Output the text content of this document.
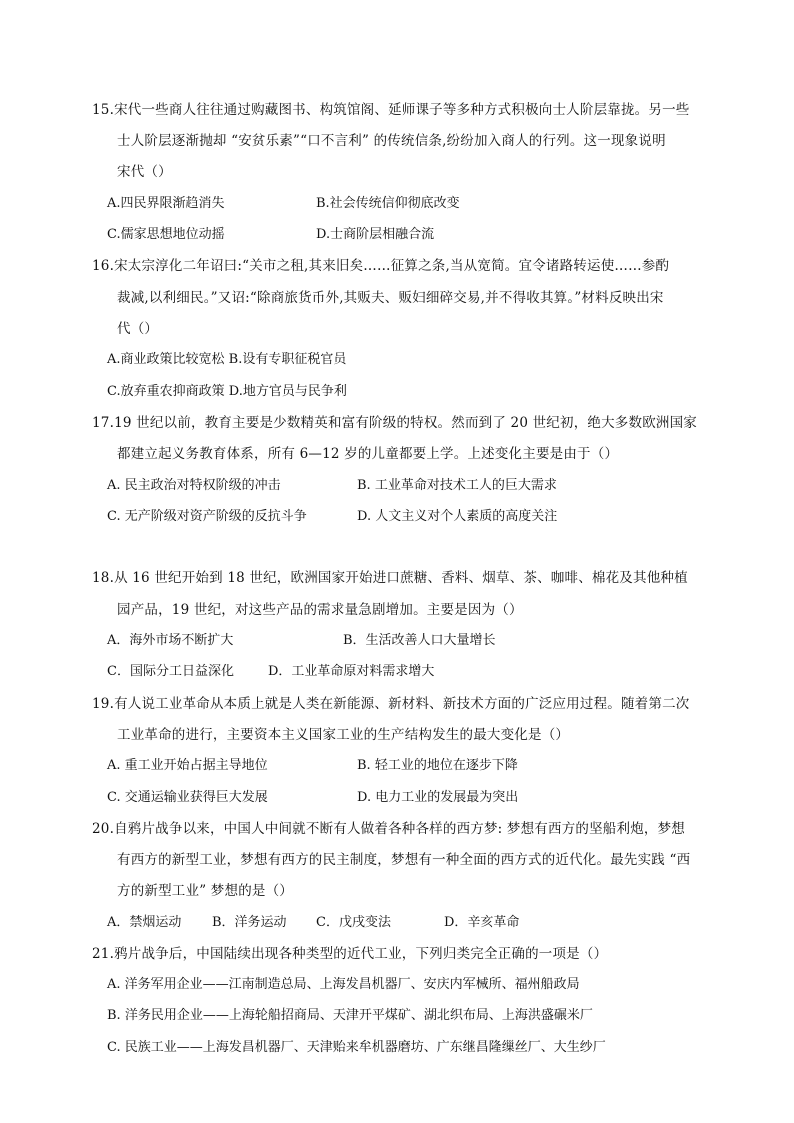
15.宋代一些商人往往通过购藏图书、构筑馆阁、延师课子等多种方式积极向士人阶层靠拢。另一些
士人阶层逐渐抛却 “安贫乐素”“口不言利” 的传统信条,纷纷加入商人的行列。这一现象说明
宋代（）
A.四民界限渐趋消失	B.社会传统信仰彻底改变
C.儒家思想地位动摇	D.士商阶层相融合流
16.宋太宗淳化二年诏曰:“关市之租,其来旧矣……征算之条,当从宽简。宜令诸路转运使……参酌
裁减,以利细民。”又诏:“除商旅货币外,其贩夫、贩妇细碎交易,并不得收其算。”材料反映出宋
代（）
A.商业政策比较宽松 B.设有专职征税官员
C.放弃重农抑商政策 D.地方官员与民争利
17.19 世纪以前，教育主要是少数精英和富有阶级的特权。然而到了 20 世纪初，绝大多数欧洲国家
都建立起义务教育体系，所有 6—12 岁的儿童都要上学。上述变化主要是由于（）
A. 民主政治对特权阶级的冲击	B. 工业革命对技术工人的巨大需求
C. 无产阶级对资产阶级的反抗斗争	D. 人文主义对个人素质的高度关注
18.从 16 世纪开始到 18 世纪，欧洲国家开始进口蔗糖、香料、烟草、茶、咖啡、棉花及其他种植
园产品，19 世纪，对这些产品的需求量急剧增加。主要是因为（）
A．海外市场不断扩大	B．生活改善人口大量增长
C．国际分工日益深化	D．工业革命原对料需求增大
19.有人说工业革命从本质上就是人类在新能源、新材料、新技术方面的广泛应用过程。随着第二次
工业革命的进行，主要资本主义国家工业的生产结构发生的最大变化是（）
A. 重工业开始占据主导地位	B. 轻工业的地位在逐步下降
C. 交通运输业获得巨大发展	D. 电力工业的发展最为突出
20.自鸦片战争以来，中国人中间就不断有人做着各种各样的西方梦: 梦想有西方的坚船利炮，梦想
有西方的新型工业，梦想有西方的民主制度，梦想有一种全面的西方式的近代化。最先实践 “西
方的新型工业” 梦想的是（）
A．禁烟运动 B．洋务运动 C．戊戌变法	D．辛亥革命
21.鸦片战争后，中国陆续出现各种类型的近代工业，下列归类完全正确的一项是（）
A. 洋务军用企业——江南制造总局、上海发昌机器厂、安庆内军械所、福州船政局
B. 洋务民用企业——上海轮船招商局、天津开平煤矿、湖北织布局、上海洪盛碾米厂
C. 民族工业——上海发昌机器厂、天津贻来牟机器磨坊、广东继昌隆缫丝厂、大生纱厂
